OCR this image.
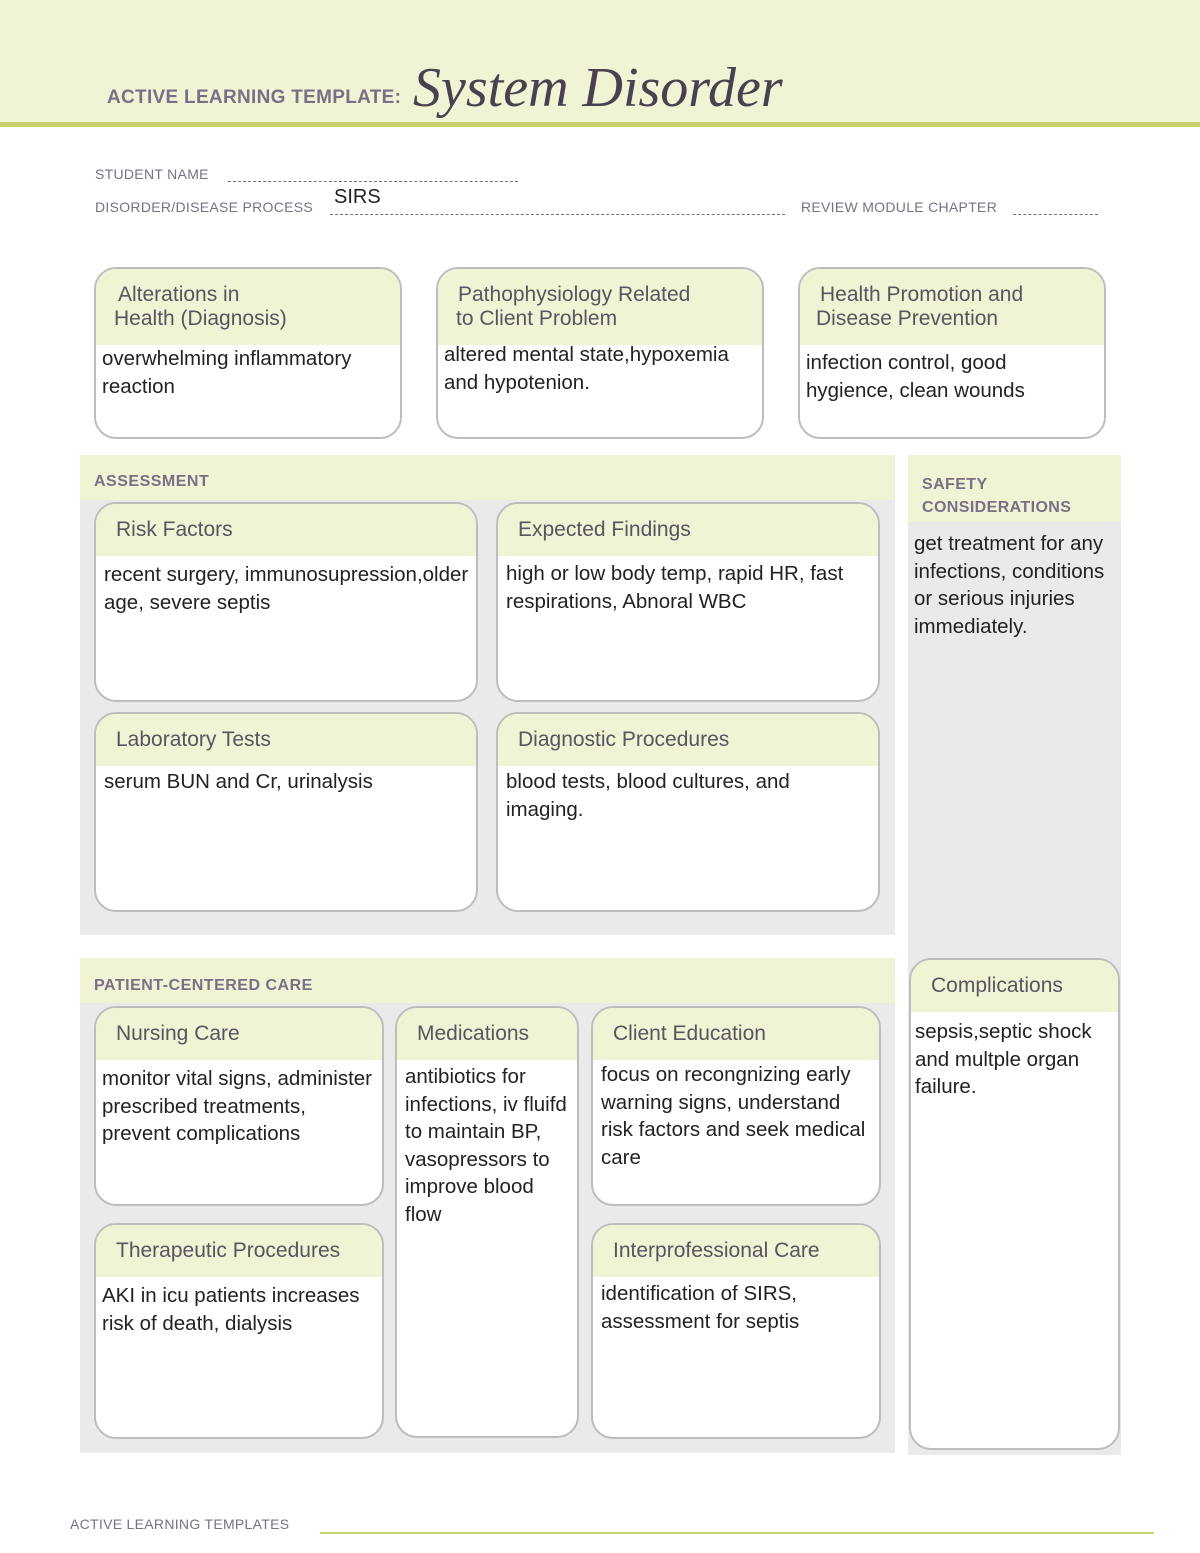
ACTIVE LEARNING TEMPLATE: System Disorder
STUDENT NAME
DISORDER/DISEASE PROCESS SIRS	REVIEW MODULE CHAPTER
Alterations in
Health (Diagnosis)
overwhelming inflammatory reaction
Pathophysiology Related
to Client Problem
altered mental state,hypoxemia and hypotenion.
Health Promotion and
Disease Prevention
infection control, good hygience, clean wounds
ASSESSMENT
Risk Factors
recent surgery, immunosupression,older age, severe septis
Expected Findings
high or low body temp, rapid HR, fast respirations, Abnoral WBC
Laboratory Tests
serum BUN and Cr, urinalysis
Diagnostic Procedures
blood tests, blood cultures, and imaging.
SAFETY
CONSIDERATIONS
get treatment for any infections, conditions or serious injuries immediately.
Complications
sepsis,septic shock and multple organ failure.
PATIENT-CENTERED CARE
Nursing Care
monitor vital signs, administer prescribed treatments, prevent complications
Medications
antibiotics for infections, iv fluifd to maintain BP, vasopressors to improve blood flow
Client Education
focus on recongnizing early warning signs, understand risk factors and seek medical care
Therapeutic Procedures
AKI in icu patients increases risk of death, dialysis
Interprofessional Care
identification of SIRS, assessment for septis
ACTIVE LEARNING TEMPLATES
